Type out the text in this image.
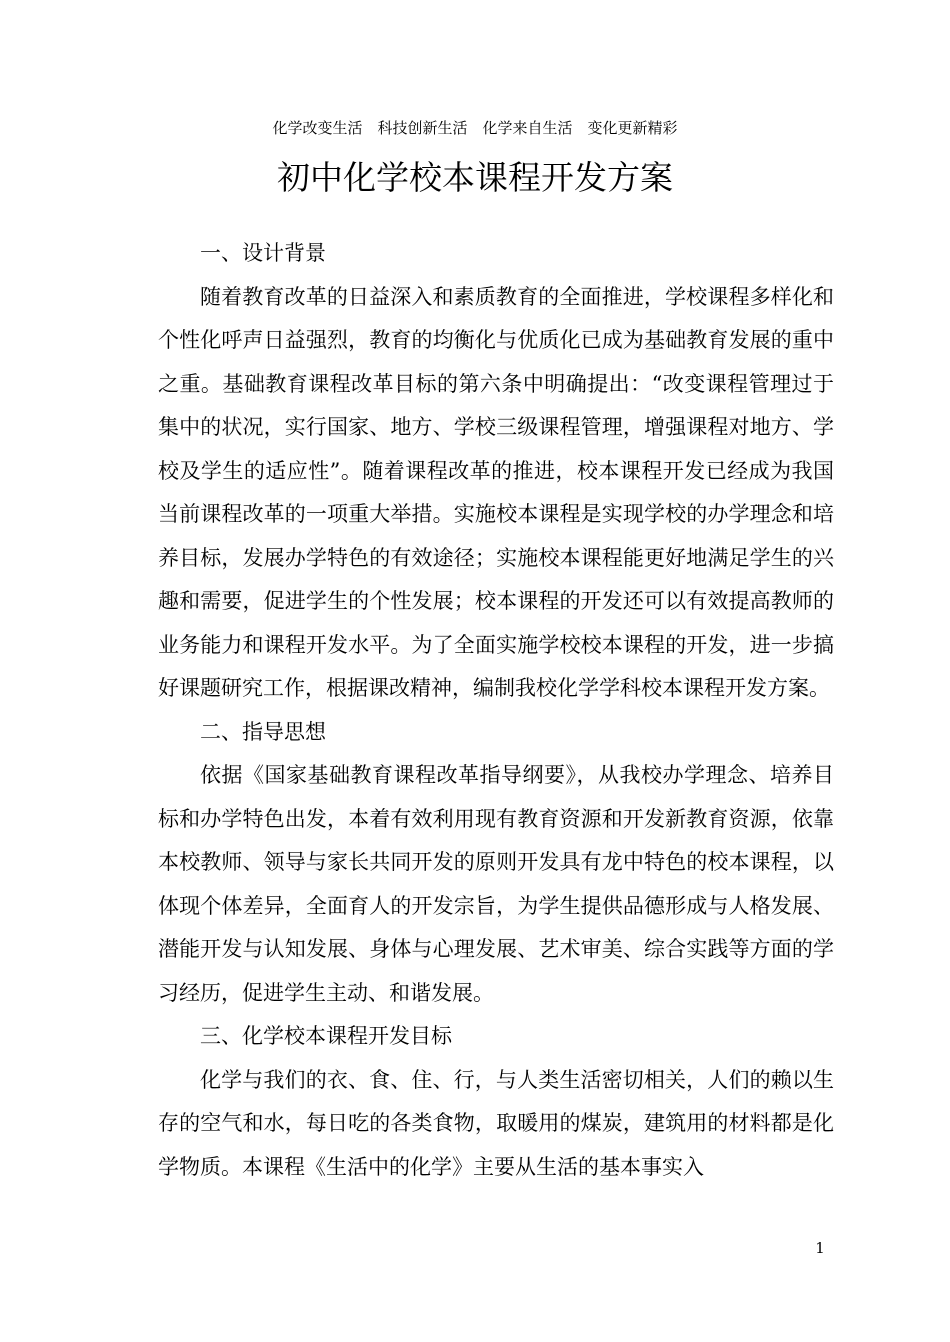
化学改变生活　科技创新生活　化学来自生活　变化更新精彩
初中化学校本课程开发方案
一、设计背景

随着教育改革的日益深入和素质教育的全面推进，学校课程多样化和个性化呼声日益强烈，教育的均衡化与优质化已成为基础教育发展的重中之重。基础教育课程改革目标的第六条中明确提出：“改变课程管理过于集中的状况，实行国家、地方、学校三级课程管理，增强课程对地方、学校及学生的适应性”。随着课程改革的推进，校本课程开发已经成为我国当前课程改革的一项重大举措。实施校本课程是实现学校的办学理念和培养目标，发展办学特色的有效途径；实施校本课程能更好地满足学生的兴趣和需要，促进学生的个性发展；校本课程的开发还可以有效提高教师的业务能力和课程开发水平。为了全面实施学校校本课程的开发，进一步搞好课题研究工作，根据课改精神，编制我校化学学科校本课程开发方案。

二、指导思想

依据《国家基础教育课程改革指导纲要》，从我校办学理念、培养目标和办学特色出发，本着有效利用现有教育资源和开发新教育资源，依靠本校教师、领导与家长共同开发的原则开发具有龙中特色的校本课程，以体现个体差异，全面育人的开发宗旨，为学生提供品德形成与人格发展、潜能开发与认知发展、身体与心理发展、艺术审美、综合实践等方面的学习经历，促进学生主动、和谐发展。

三、化学校本课程开发目标

化学与我们的衣、食、住、行，与人类生活密切相关，人们的赖以生存的空气和水，每日吃的各类食物，取暖用的煤炭，建筑用的材料都是化学物质。本课程《生活中的化学》主要从生活的基本事实入

1
